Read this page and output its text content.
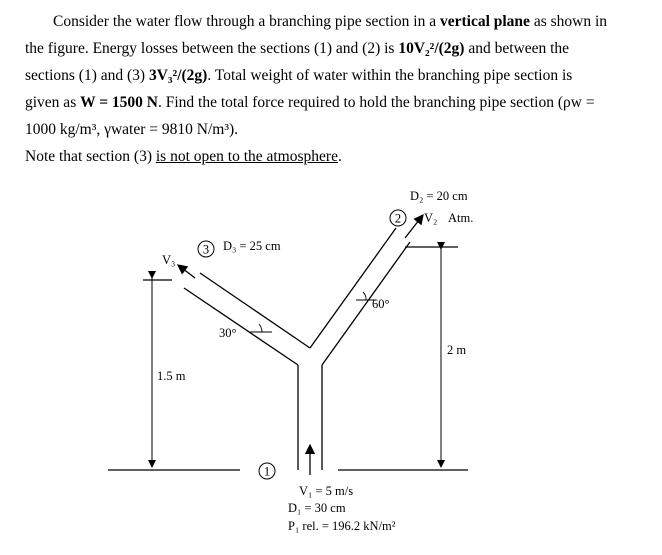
Consider the water flow through a branching pipe section in a vertical plane as shown in
the figure. Energy losses between the sections (1) and (2) is 10V₂²/(2g) and between the
sections (1) and (3) 3V₃²/(2g). Total weight of water within the branching pipe section is
given as W = 1500 N. Find the total force required to hold the branching pipe section (ρw =
1000 kg/m³, γwater = 9810 N/m³).
Note that section (3) is not open to the atmosphere.
1
2
3
D₂ = 20 cm
V₂ Atm.
D₃ = 25 cm
V₃
60°
30°
2 m
1.5 m
V₁ = 5 m/s
D₁ = 30 cm
P₁ rel. = 196.2 kN/m²
